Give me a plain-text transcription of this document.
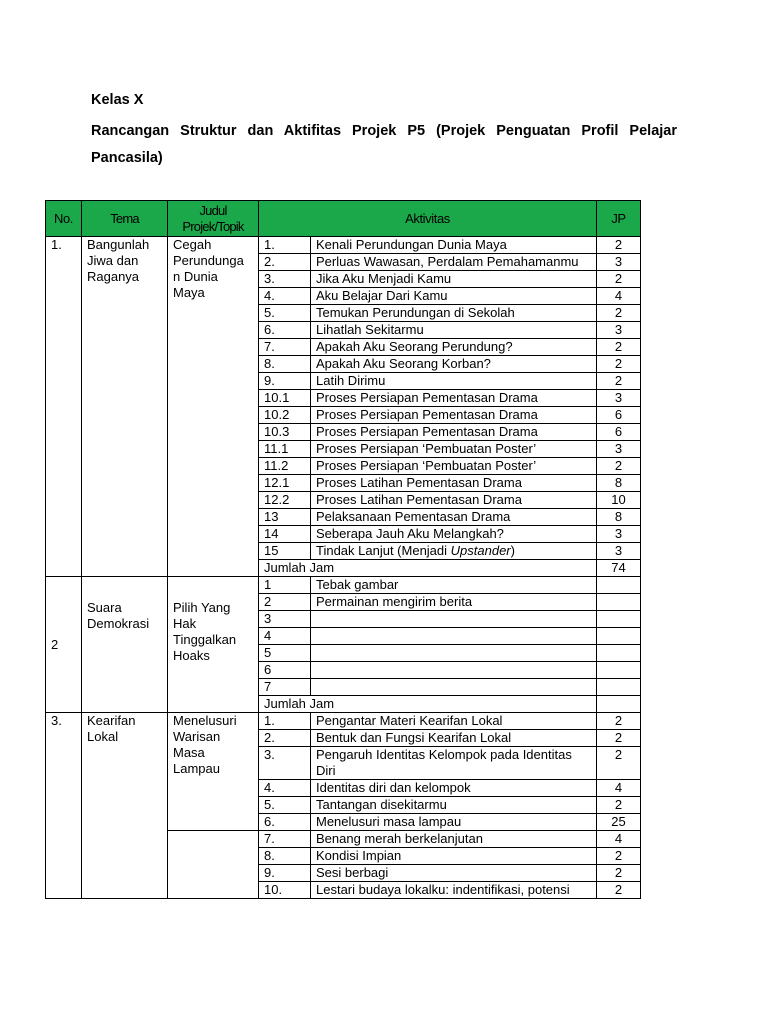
Kelas X
Rancangan Struktur dan Aktifitas Projek P5 (Projek Penguatan Profil Pelajar Pancasila)
No.	Tema	Judul Projek/Topik	Aktivitas		JP
1.	Bangunlah Jiwa dan Raganya	Cegah Perundunga n Dunia Maya	1.	Kenali Perundungan Dunia Maya	2
			2.	Perluas Wawasan, Perdalam Pemahamanmu	3
			3.	Jika Aku Menjadi Kamu	2
			4.	Aku Belajar Dari Kamu	4
			5.	Temukan Perundungan di Sekolah	2
			6.	Lihatlah Sekitarmu	3
			7.	Apakah Aku Seorang Perundung?	2
			8.	Apakah Aku Seorang Korban?	2
			9.	Latih Dirimu	2
			10.1	Proses Persiapan Pementasan Drama	3
			10.2	Proses Persiapan Pementasan Drama	6
			10.3	Proses Persiapan Pementasan Drama	6
			11.1	Proses Persiapan ‘Pembuatan Poster’	3
			11.2	Proses Persiapan ‘Pembuatan Poster’	2
			12.1	Proses Latihan Pementasan Drama	8
			12.2	Proses Latihan Pementasan Drama	10
			13	Pelaksanaan Pementasan Drama	8
			14	Seberapa Jauh Aku Melangkah?	3
			15	Tindak Lanjut (Menjadi Upstander)	3
			Jumlah Jam		74
2	Suara Demokrasi	Pilih Yang Hak Tinggalkan Hoaks	1	Tebak gambar	
			2	Permainan mengirim berita	
			3		
			4		
			5		
			6		
			7		
			Jumlah Jam		
3.	Kearifan Lokal	Menelusuri Warisan Masa Lampau	1.	Pengantar Materi Kearifan Lokal	2
			2.	Bentuk dan Fungsi Kearifan Lokal	2
			3.	Pengaruh Identitas Kelompok pada Identitas Diri	2
			4.	Identitas diri dan kelompok	4
			5.	Tantangan disekitarmu	2
			6.	Menelusuri masa lampau	25
			7.	Benang merah berkelanjutan	4
			8.	Kondisi Impian	2
			9.	Sesi berbagi	2
			10.	Lestari budaya lokalku: indentifikasi, potensi	2
